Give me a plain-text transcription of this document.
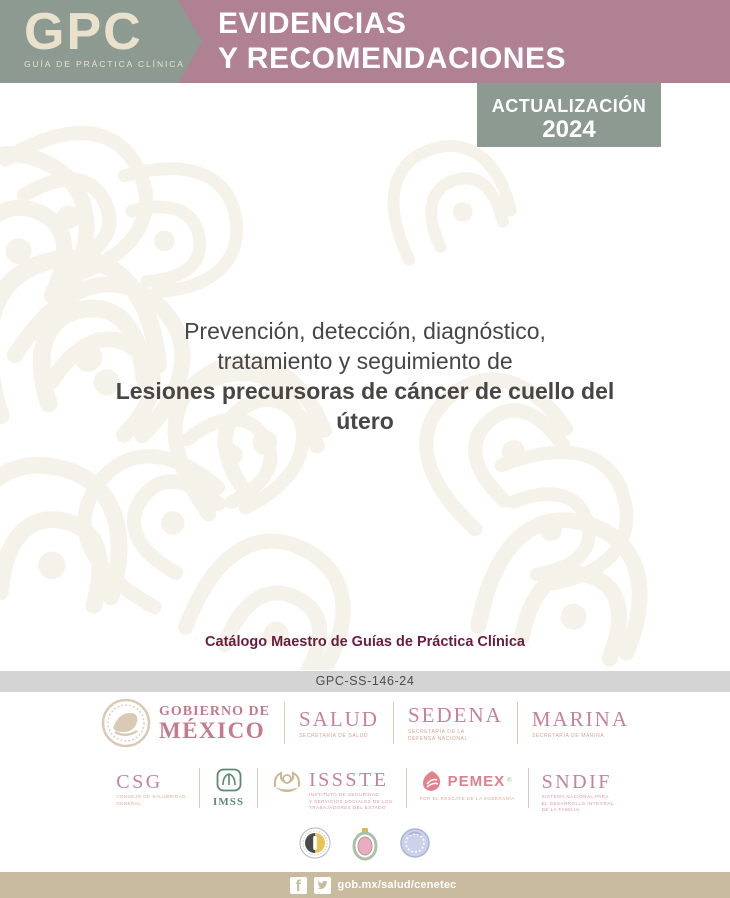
GPC
GUÍA DE PRÁCTICA CLÍNICA
EVIDENCIAS
Y RECOMENDACIONES
ACTUALIZACIÓN
2024
Prevención, detección, diagnóstico,
tratamiento y seguimiento de
Lesiones precursoras de cáncer de cuello del
útero
Catálogo Maestro de Guías de Práctica Clínica
GPC-SS-146-24
GOBIERNO DE
MÉXICO SALUD
SECRETARÍA DE SALUD
SEDENA
SECRETARÍA DE LA
DEFENSA NACIONAL
MARINA
SECRETARÍA DE MARINA
CSG
CONSEJO DE SALUBRIDAD
GENERAL	IMSS
ISSSTE
INSTITUTO DE SEGURIDAD
Y SERVICIOS SOCIALES DE LOS
TRABAJADORES DEL ESTADO
PEMEX ®
POR EL RESCATE DE LA SOBERANÍA
SNDIF
SISTEMA NACIONAL PARA
EL DESARROLLO INTEGRAL
DE LA FAMILIA
f	gob.mx/salud/cenetec
